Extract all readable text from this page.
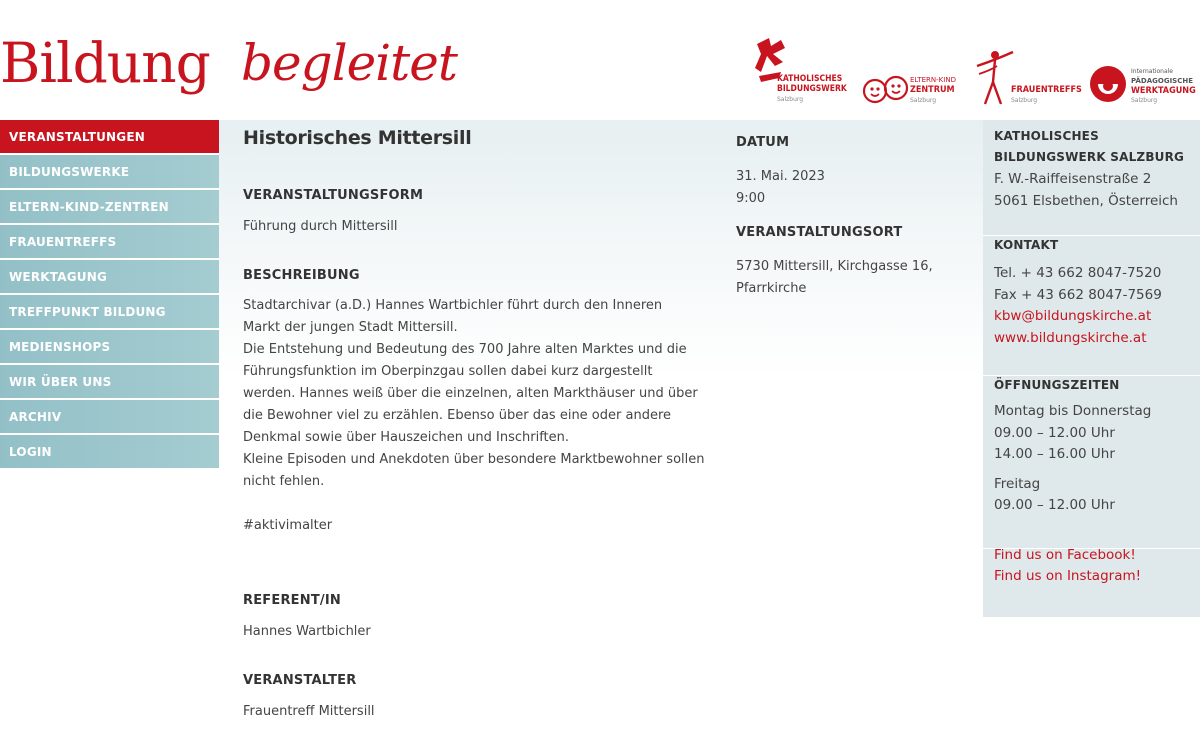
Bildung begleitet	KATHOLISCHES
BILDUNGSWERK
Salzburg
ELTERN-KIND
ZENTRUM
Salzburg
FRAUENTREFFS
Salzburg
Internationale
PÄDAGOGISCHE
WERKTAGUNG
Salzburg
VERANSTALTUNGEN
BILDUNGSWERKE
ELTERN-KIND-ZENTREN
FRAUENTREFFS
WERKTAGUNG
TREFFPUNKT BILDUNG
MEDIENSHOPS
WIR ÜBER UNS
ARCHIV
LOGIN
Historisches Mittersill
VERANSTALTUNGSFORM
Führung durch Mittersill
BESCHREIBUNG
Stadtarchivar (a.D.) Hannes Wartbichler führt durch den Inneren
Markt der jungen Stadt Mittersill.
Die Entstehung und Bedeutung des 700 Jahre alten Marktes und die
Führungsfunktion im Oberpinzgau sollen dabei kurz dargestellt
werden. Hannes weiß über die einzelnen, alten Markthäuser und über
die Bewohner viel zu erzählen. Ebenso über das eine oder andere
Denkmal sowie über Hauszeichen und Inschriften.
Kleine Episoden und Anekdoten über besondere Marktbewohner sollen
nicht fehlen.
#aktivimalter
REFERENT/IN
Hannes Wartbichler
VERANSTALTER
Frauentreff Mittersill
DATUM
31. Mai. 2023
9:00
VERANSTALTUNGSORT
5730 Mittersill, Kirchgasse 16,
Pfarrkirche
KATHOLISCHES
BILDUNGSWERK SALZBURG
F. W.-Raiffeisenstraße 2
5061 Elsbethen, Österreich
KONTAKT
Tel. + 43 662 8047-7520
Fax + 43 662 8047-7569
kbw@bildungskirche.at
www.bildungskirche.at
ÖFFNUNGSZEITEN
Montag bis Donnerstag
09.00 – 12.00 Uhr
14.00 – 16.00 Uhr
Freitag
09.00 – 12.00 Uhr
Find us on Facebook!
Find us on Instagram!
